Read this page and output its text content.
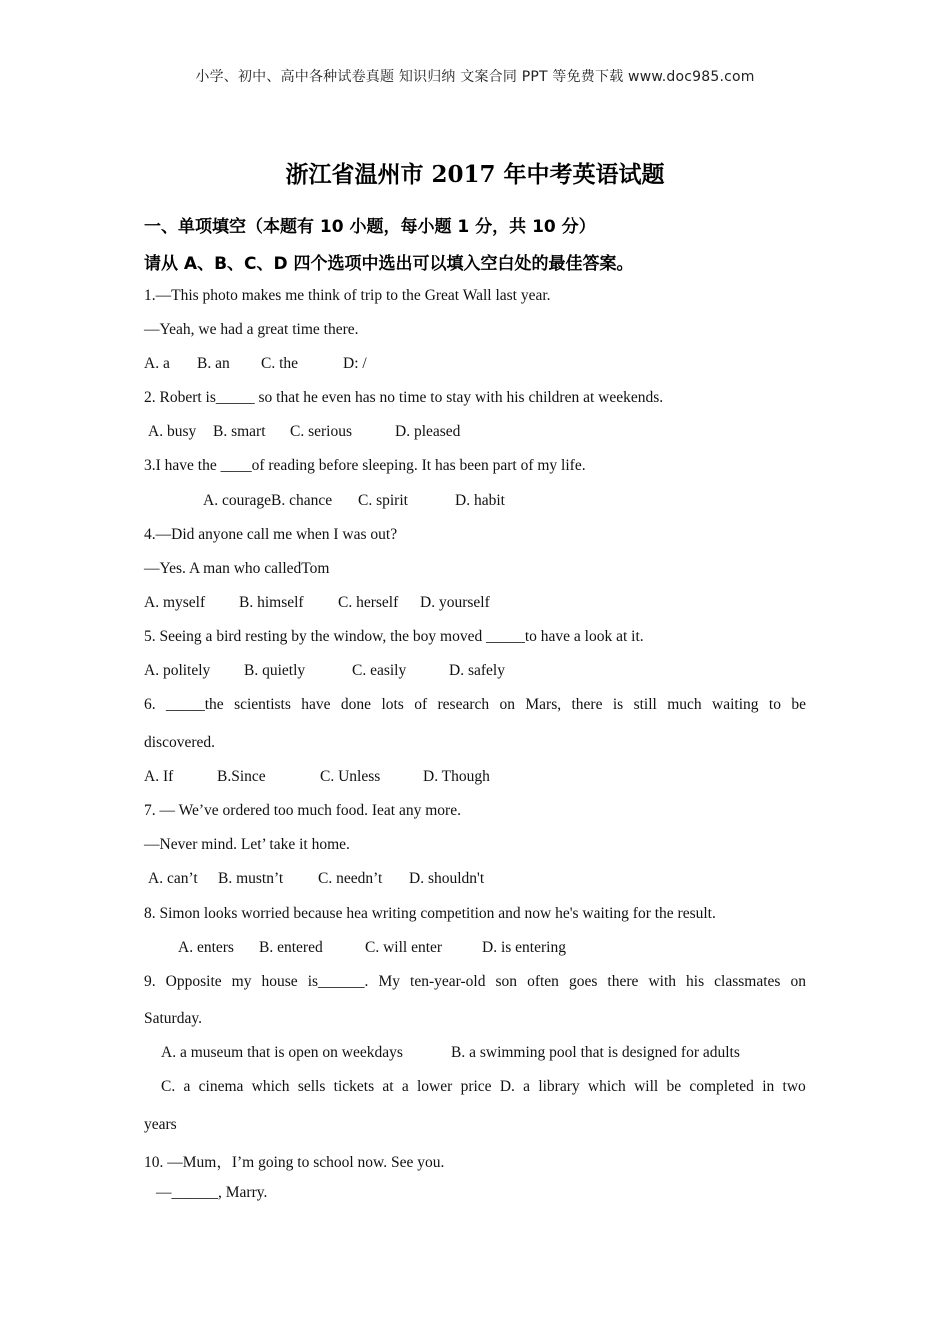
小学、初中、高中各种试卷真题 知识归纳 文案合同 PPT 等免费下载 www.doc985.com
浙江省温州市 2017 年中考英语试题
一、单项填空（本题有 10 小题，每小题 1 分，共 10 分）
请从 A、B、C、D 四个选项中选出可以填入空白处的最佳答案。
1.—This photo makes me think of trip to the Great Wall last year.
—Yeah, we had a great time there.
A. a B. an C. the	D: /
2. Robert is_____ so that he even has no time to stay with his children at weekends.
A. busy B. smart C. serious	D. pleased
3.I have the ____of reading before sleeping. It has been part of my life.
A. courageB. chance C. spirit	D. habit
4.—Did anyone call me when I was out?
—Yes. A man who calledTom
A. myself B. himself C. herself D. yourself
5. Seeing a bird resting by the window, the boy moved _____to have a look at it.
A. politely B. quietly	C. easily	D. safely
6. _____the scientists have done lots of research on Mars, there is still much waiting to be
discovered.
A. If	B.Since	C. Unless	D. Though
7. — We’ve ordered too much food. Ieat any more.
—Never mind. Let’ take it home.
A. can’t B. mustn’t C. needn’t D. shouldn't
8. Simon looks worried because hea writing competition and now he's waiting for the result.
A. enters B. entered	C. will enter	D. is entering
9. Opposite my house is______. My ten-year-old son often goes there with his classmates on
Saturday.
A. a museum that is open on weekdays	B. a swimming pool that is designed for adults
C. a cinema which sells tickets at a lower price D. a library which will be completed in two
years
10. —Mum，I’m going to school now. See you.
—______, Marry.
